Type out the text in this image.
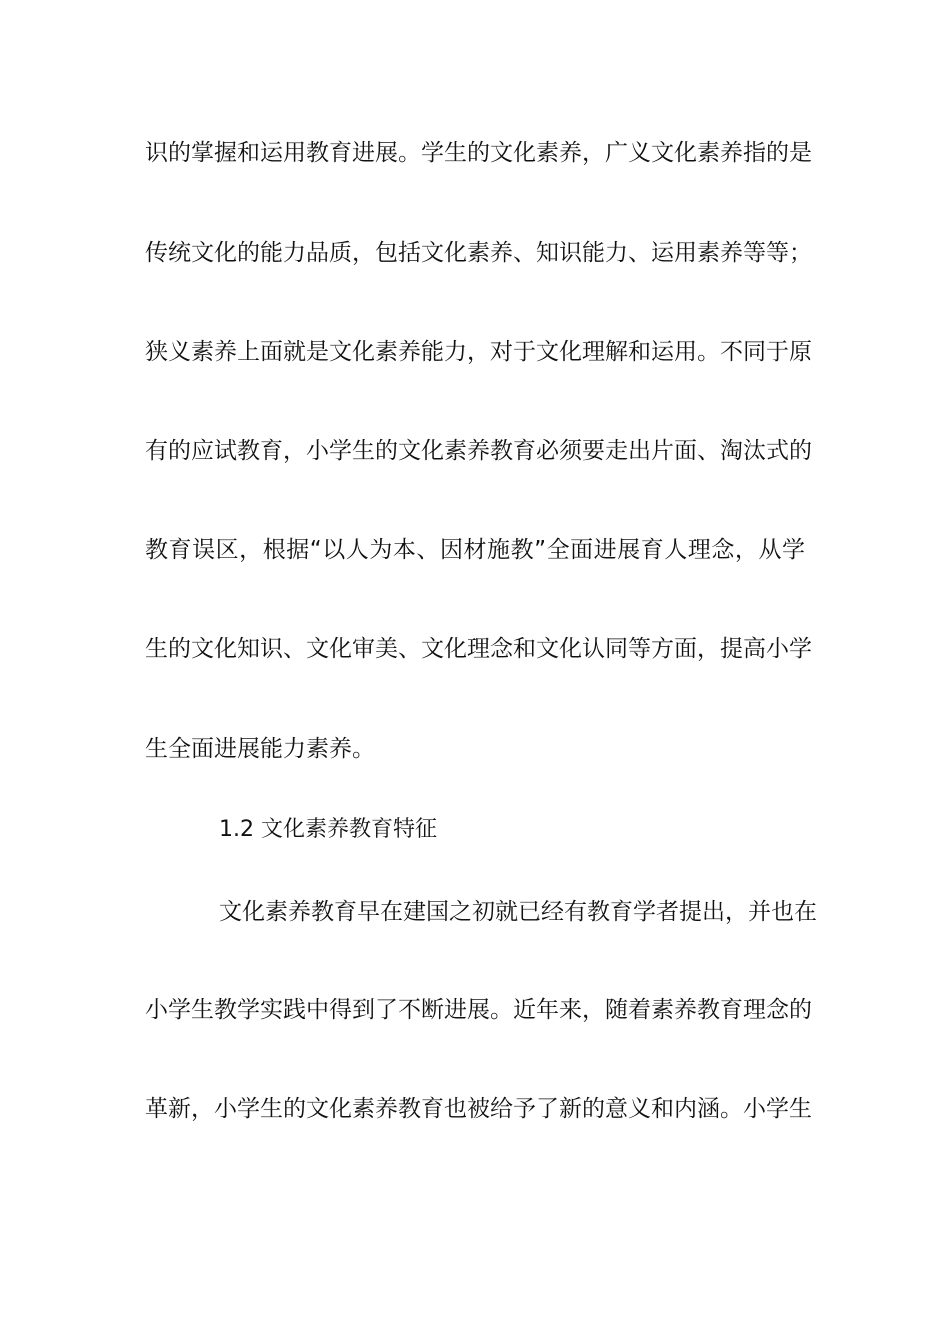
识的掌握和运用教育进展。学生的文化素养，广义文化素养指的是
传统文化的能力品质，包括文化素养、知识能力、运用素养等等；
狭义素养上面就是文化素养能力，对于文化理解和运用。不同于原
有的应试教育，小学生的文化素养教育必须要走出片面、淘汰式的
教育误区，根据“以人为本、因材施教”全面进展育人理念，从学
生的文化知识、文化审美、文化理念和文化认同等方面，提高小学
生全面进展能力素养。
1.2 文化素养教育特征
文化素养教育早在建国之初就已经有教育学者提出，并也在
小学生教学实践中得到了不断进展。近年来，随着素养教育理念的
革新，小学生的文化素养教育也被给予了新的意义和内涵。小学生
